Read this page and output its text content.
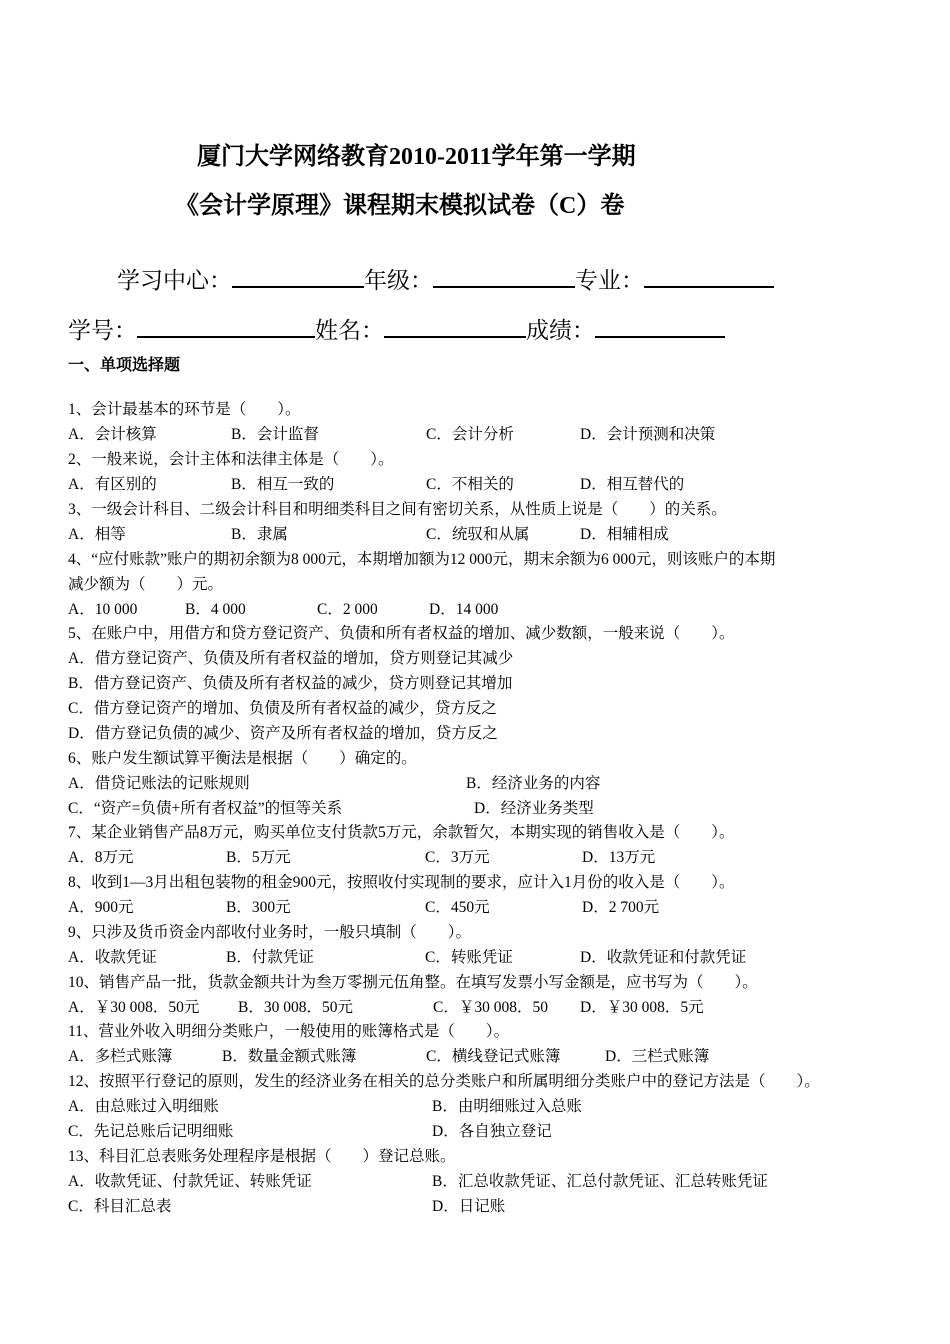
厦门大学网络教育2010-2011学年第一学期
《会计学原理》课程期末模拟试卷（C）卷
学习中心：	年级：	专业：
学号：	姓名：	成绩：
一、单项选择题
1、会计最基本的环节是（　　）。
A．会计核算	B．会计监督	C．会计分析	D．会计预测和决策
2、一般来说，会计主体和法律主体是（　　）。
A．有区别的	B．相互一致的	C．不相关的	D．相互替代的
3、一级会计科目、二级会计科目和明细类科目之间有密切关系，从性质上说是（　　）的关系。
A．相等	B．隶属	C．统驭和从属	D．相辅相成
4、“应付账款”账户的期初余额为8 000元，本期增加额为12 000元，期末余额为6 000元，则该账户的本期
减少额为（　　）元。
A．10 000	B．4 000	C．2 000	D．14 000
5、在账户中，用借方和贷方登记资产、负债和所有者权益的增加、减少数额，一般来说（　　）。
A．借方登记资产、负债及所有者权益的增加，贷方则登记其减少
B．借方登记资产、负债及所有者权益的减少，贷方则登记其增加
C．借方登记资产的增加、负债及所有者权益的减少，贷方反之
D．借方登记负债的减少、资产及所有者权益的增加，贷方反之
6、账户发生额试算平衡法是根据（　　）确定的。
A．借贷记账法的记账规则	B．经济业务的内容
C．“资产=负债+所有者权益”的恒等关系	D．经济业务类型
7、某企业销售产品8万元，购买单位支付货款5万元，余款暂欠，本期实现的销售收入是（　　）。
A．8万元	B．5万元	C．3万元	D．13万元
8、收到1—3月出租包装物的租金900元，按照收付实现制的要求，应计入1月份的收入是（　　）。
A．900元	B．300元	C．450元	D．2 700元
9、只涉及货币资金内部收付业务时，一般只填制（　　）。
A．收款凭证	B．付款凭证	C．转账凭证	D．收款凭证和付款凭证
10、销售产品一批，货款金额共计为叁万零捌元伍角整。在填写发票小写金额是，应书写为（　　）。
A．￥30 008．50元 B．30 008．50元	C．￥30 008．50 D．￥30 008．5元
11、营业外收入明细分类账户，一般使用的账簿格式是（　　）。
A．多栏式账簿	B．数量金额式账簿	C．横线登记式账簿	D．三栏式账簿
12、按照平行登记的原则，发生的经济业务在相关的总分类账户和所属明细分类账户中的登记方法是（　　）。
A．由总账过入明细账	B．由明细账过入总账
C．先记总账后记明细账	D．各自独立登记
13、科目汇总表账务处理程序是根据（　　）登记总账。
A．收款凭证、付款凭证、转账凭证	B．汇总收款凭证、汇总付款凭证、汇总转账凭证
C．科目汇总表	D．日记账
